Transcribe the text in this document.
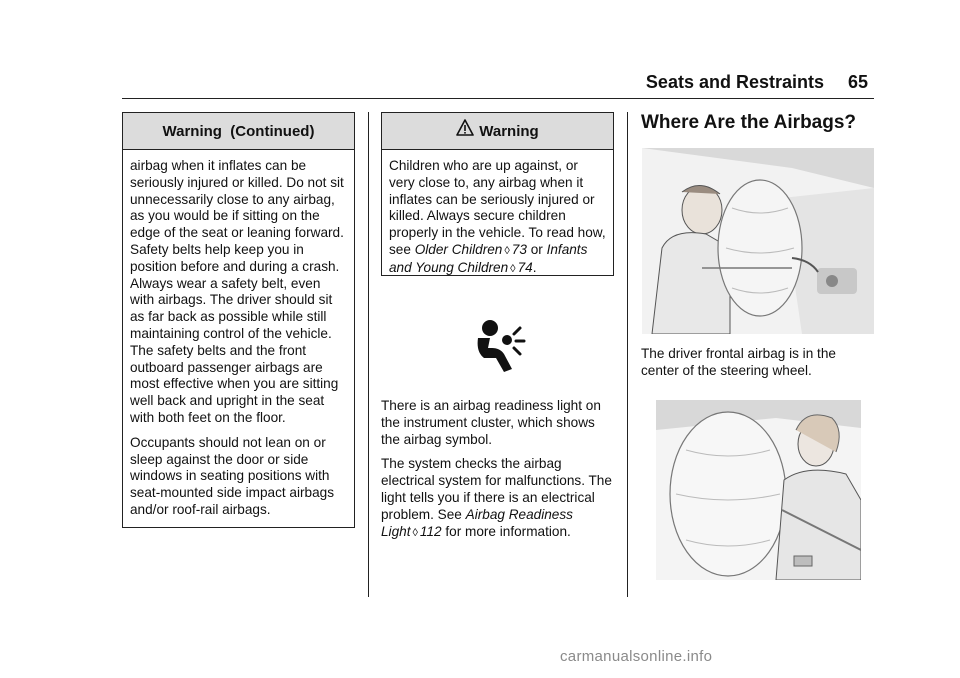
Seats and Restraints 65
Warning  (Continued)

airbag when it inflates can be seriously injured or killed. Do not sit unnecessarily close to any airbag, as you would be if sitting on the edge of the seat or leaning forward. Safety belts help keep you in position before and during a crash. Always wear a safety belt, even with airbags. The driver should sit as far back as possible while still maintaining control of the vehicle. The safety belts and the front outboard passenger airbags are most effective when you are sitting well back and upright in the seat with both feet on the floor.

Occupants should not lean on or sleep against the door or side windows in seating positions with seat-mounted side impact airbags and/or roof-rail airbags.

Warning

Children who are up against, or very close to, any airbag when it inflates can be seriously injured or killed. Always secure children properly in the vehicle. To read how, see Older Children ◊ 73 or Infants and Young Children ◊ 74.

There is an airbag readiness light on the instrument cluster, which shows the airbag symbol.

The system checks the airbag electrical system for malfunctions. The light tells you if there is an electrical problem. See Airbag Readiness Light ◊ 112 for more information.

Where Are the Airbags?
The driver frontal airbag is in the center of the steering wheel.
carmanualsonline.info
